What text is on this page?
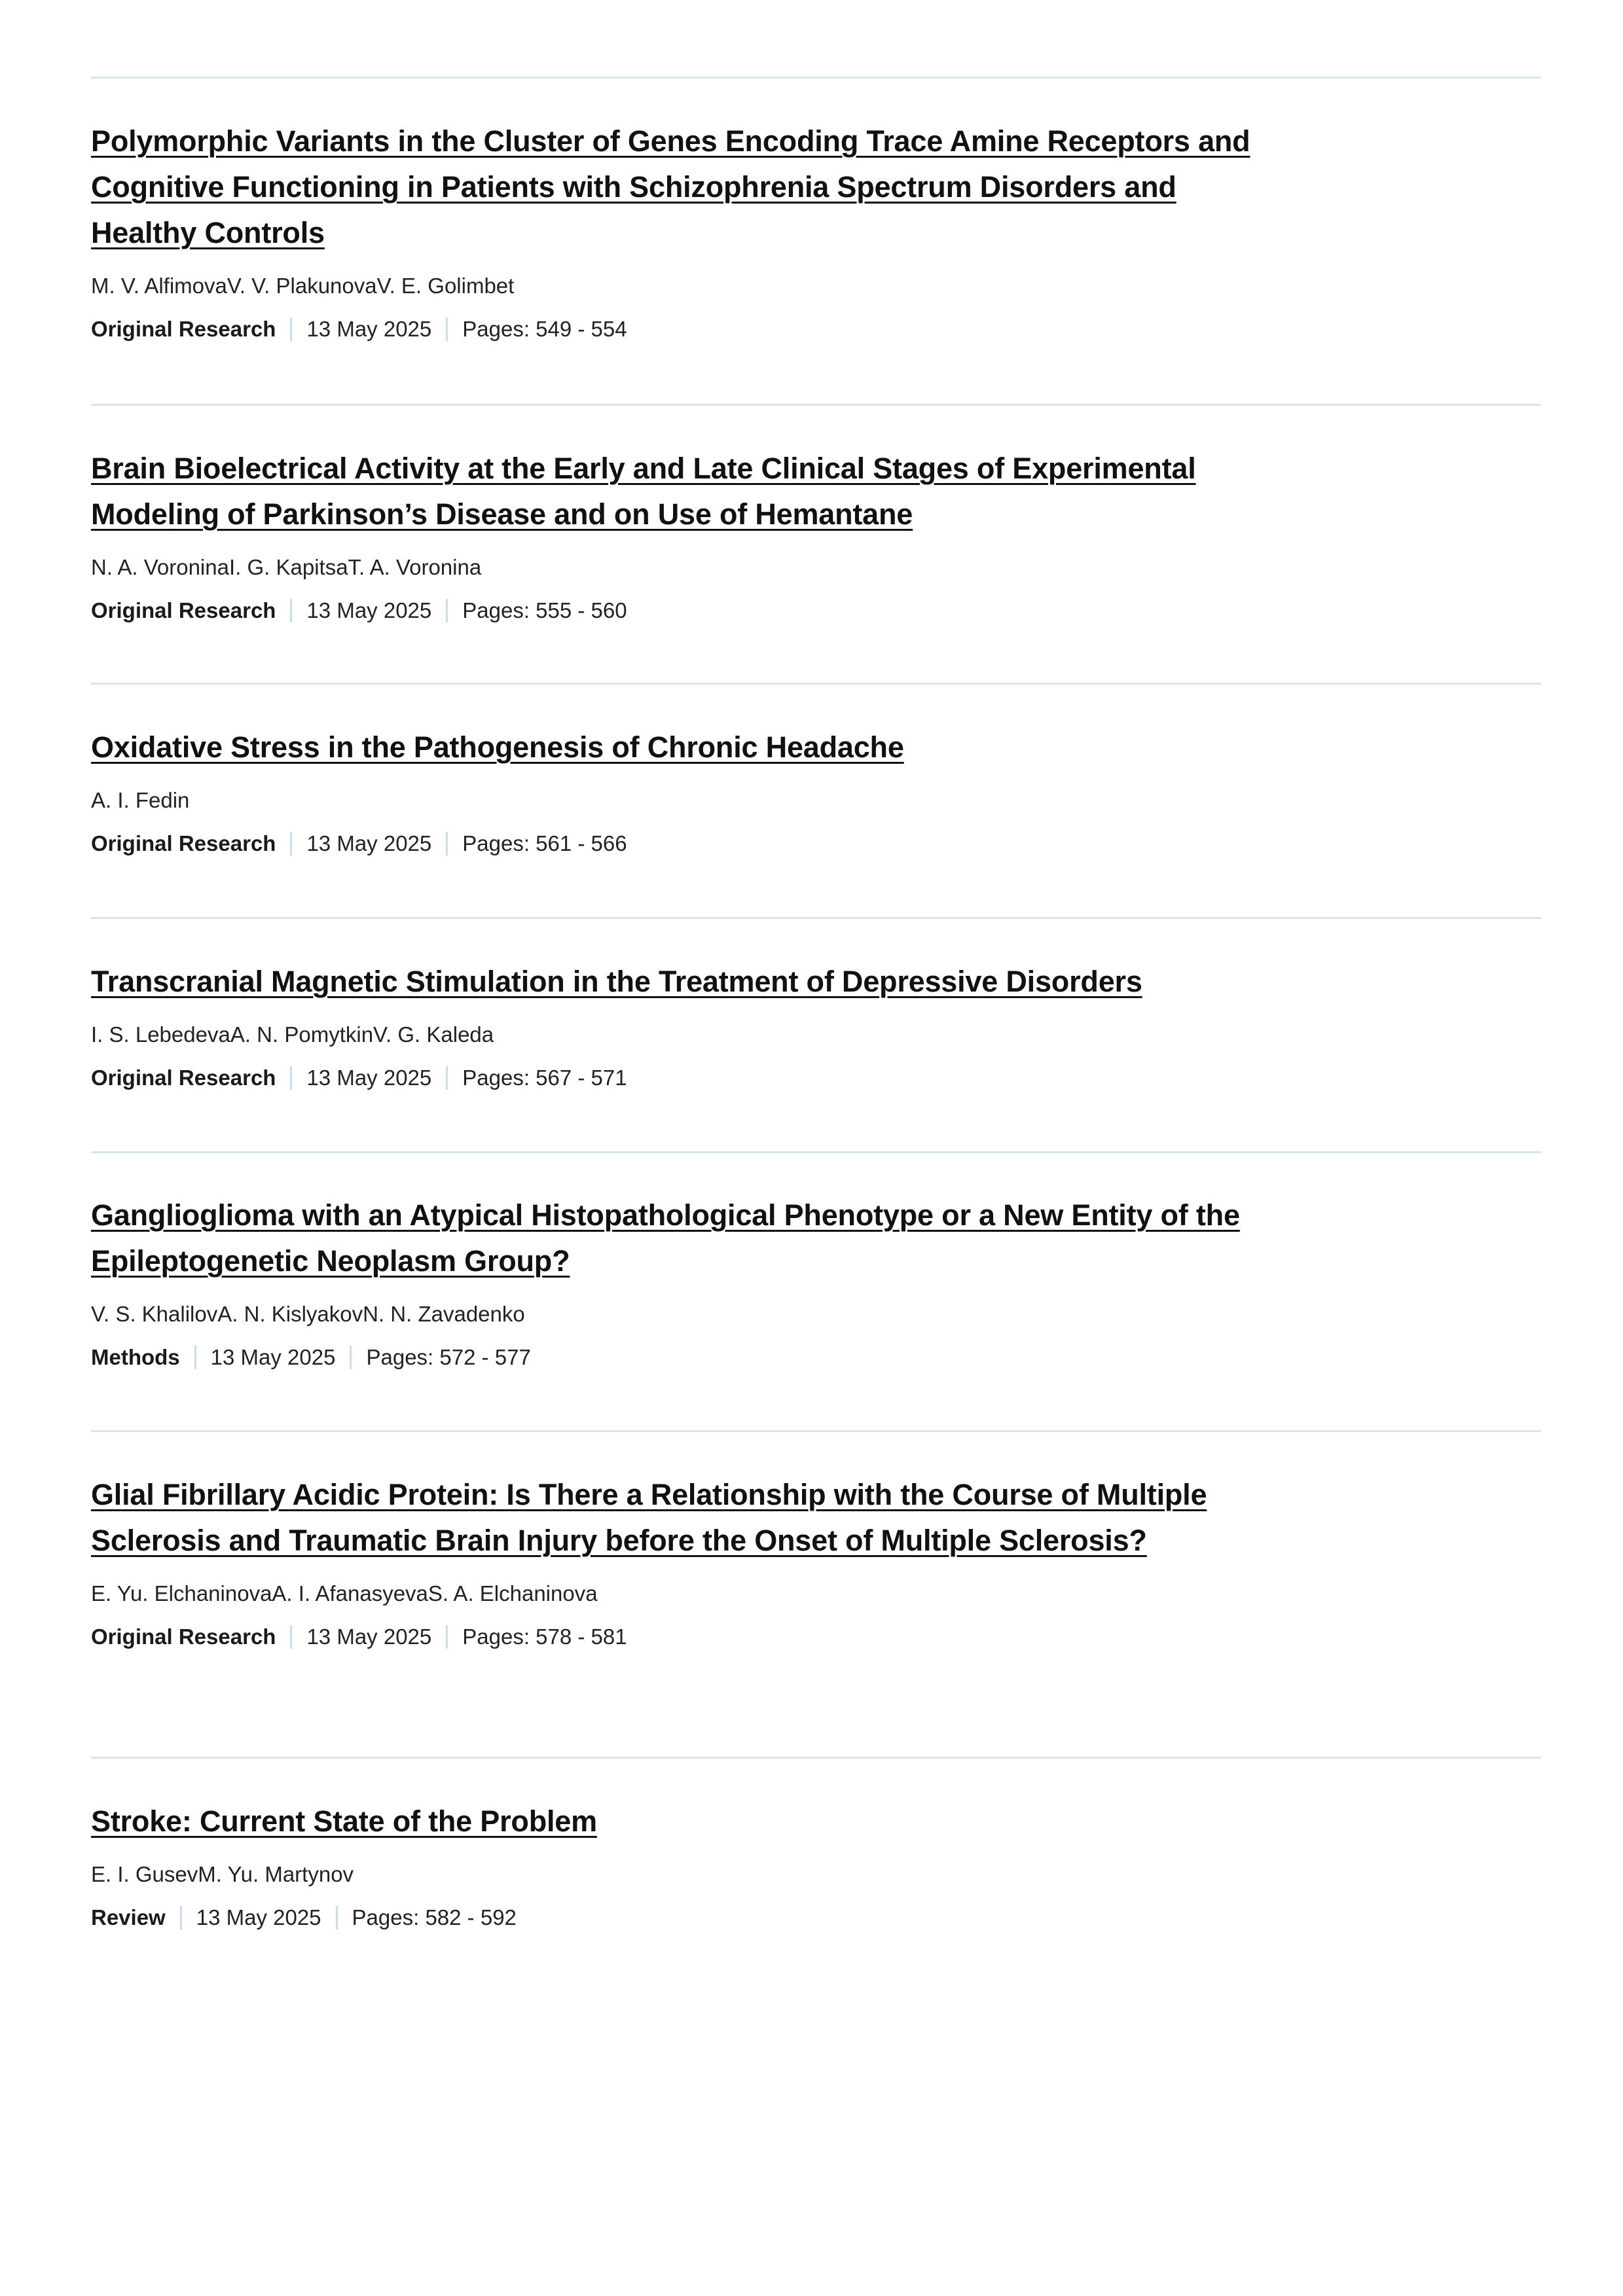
Polymorphic Variants in the Cluster of Genes Encoding Trace Amine Receptors and Cognitive Functioning in Patients with Schizophrenia Spectrum Disorders and Healthy Controls

M. V. AlfimovaV. V. PlakunovaV. E. Golimbet

Original Research 13 May 2025 Pages: 549 - 554
Brain Bioelectrical Activity at the Early and Late Clinical Stages of Experimental Modeling of Parkinson’s Disease and on Use of Hemantane

N. A. VoroninaI. G. KapitsaT. A. Voronina

Original Research 13 May 2025 Pages: 555 - 560
Oxidative Stress in the Pathogenesis of Chronic Headache

A. I. Fedin

Original Research 13 May 2025 Pages: 561 - 566
Transcranial Magnetic Stimulation in the Treatment of Depressive Disorders

I. S. LebedevaA. N. PomytkinV. G. Kaleda

Original Research 13 May 2025 Pages: 567 - 571
Ganglioglioma with an Atypical Histopathological Phenotype or a New Entity of the Epileptogenetic Neoplasm Group?

V. S. KhalilovA. N. KislyakovN. N. Zavadenko

Methods 13 May 2025 Pages: 572 - 577
Glial Fibrillary Acidic Protein: Is There a Relationship with the Course of Multiple Sclerosis and Traumatic Brain Injury before the Onset of Multiple Sclerosis?

E. Yu. ElchaninovaA. I. AfanasyevaS. A. Elchaninova

Original Research 13 May 2025 Pages: 578 - 581
Stroke: Current State of the Problem

E. I. GusevM. Yu. Martynov

Review 13 May 2025 Pages: 582 - 592
